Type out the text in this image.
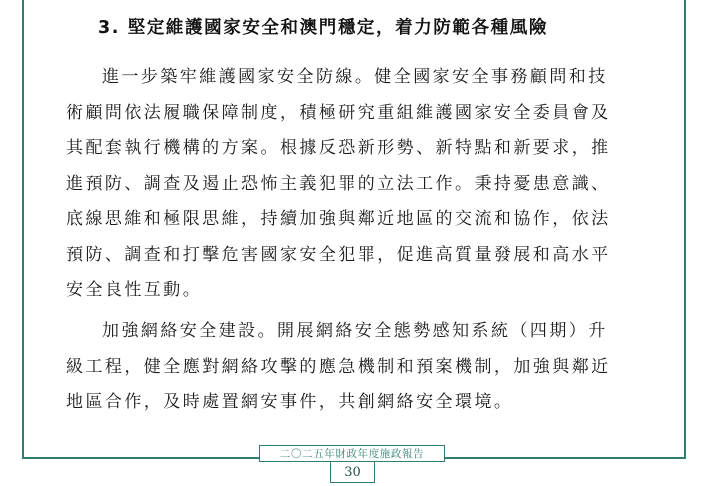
3. 堅定維護國家安全和澳門穩定，着力防範各種風險
進一步築牢維護國家安全防線。健全國家安全事務顧問和技
術顧問依法履職保障制度，積極研究重組維護國家安全委員會及
其配套執行機構的方案。根據反恐新形勢、新特點和新要求，推
進預防、調查及遏止恐怖主義犯罪的立法工作。秉持憂患意識、
底線思維和極限思維，持續加強與鄰近地區的交流和協作，依法
預防、調查和打擊危害國家安全犯罪，促進高質量發展和高水平
安全良性互動。
加強網絡安全建設。開展網絡安全態勢感知系統（四期）升
級工程，健全應對網絡攻擊的應急機制和預案機制，加強與鄰近
地區合作，及時處置網安事件，共創網絡安全環境。
二〇二五年財政年度施政報告
30
